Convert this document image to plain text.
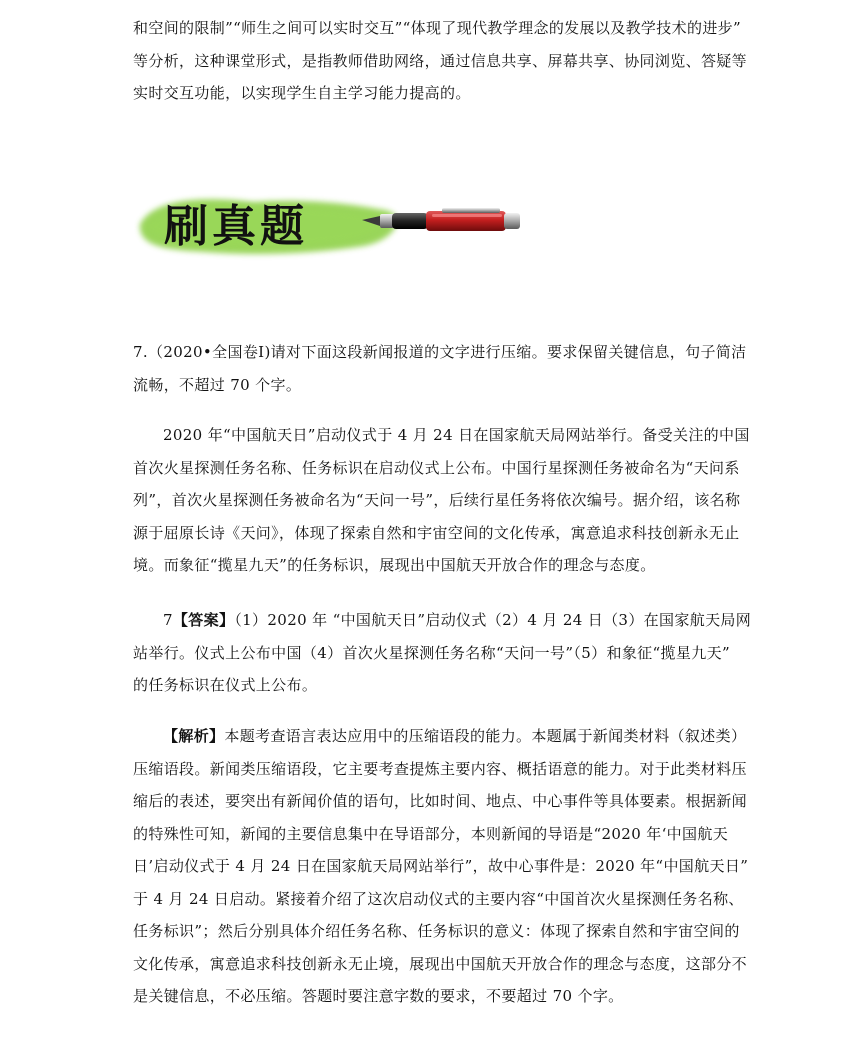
和空间的限制”“师生之间可以实时交互”“体现了现代教学理念的发展以及教学技术的进步”
等分析，这种课堂形式，是指教师借助网络，通过信息共享、屏幕共享、协同浏览、答疑等
实时交互功能，以实现学生自主学习能力提高的。

刷真题

7.（2020•全国卷Ⅰ)请对下面这段新闻报道的文字进行压缩。要求保留关键信息，句子简洁
流畅，不超过 70 个字。

2020 年“中国航天日”启动仪式于 4 月 24 日在国家航天局网站举行。备受关注的中国
首次火星探测任务名称、任务标识在启动仪式上公布。中国行星探测任务被命名为“天问系
列”，首次火星探测任务被命名为“天问一号”，后续行星任务将依次编号。据介绍，该名称
源于屈原长诗《天问》，体现了探索自然和宇宙空间的文化传承，寓意追求科技创新永无止
境。而象征“揽星九天”的任务标识，展现出中国航天开放合作的理念与态度。

7【答案】（1）2020 年 “中国航天日”启动仪式（2）4 月 24 日（3）在国家航天局网
站举行。仪式上公布中国（4）首次火星探测任务名称“天问一号”（5）和象征“揽星九天”
的任务标识在仪式上公布。

【解析】本题考查语言表达应用中的压缩语段的能力。本题属于新闻类材料（叙述类）
压缩语段。新闻类压缩语段，它主要考查提炼主要内容、概括语意的能力。对于此类材料压
缩后的表述，要突出有新闻价值的语句，比如时间、地点、中心事件等具体要素。根据新闻
的特殊性可知，新闻的主要信息集中在导语部分，本则新闻的导语是“2020 年‘中国航天
日’启动仪式于 4 月 24 日在国家航天局网站举行”，故中心事件是：2020 年“中国航天日”
于 4 月 24 日启动。紧接着介绍了这次启动仪式的主要内容“中国首次火星探测任务名称、
任务标识”；然后分别具体介绍任务名称、任务标识的意义：体现了探索自然和宇宙空间的
文化传承，寓意追求科技创新永无止境，展现出中国航天开放合作的理念与态度，这部分不
是关键信息，不必压缩。答题时要注意字数的要求，不要超过 70 个字。
